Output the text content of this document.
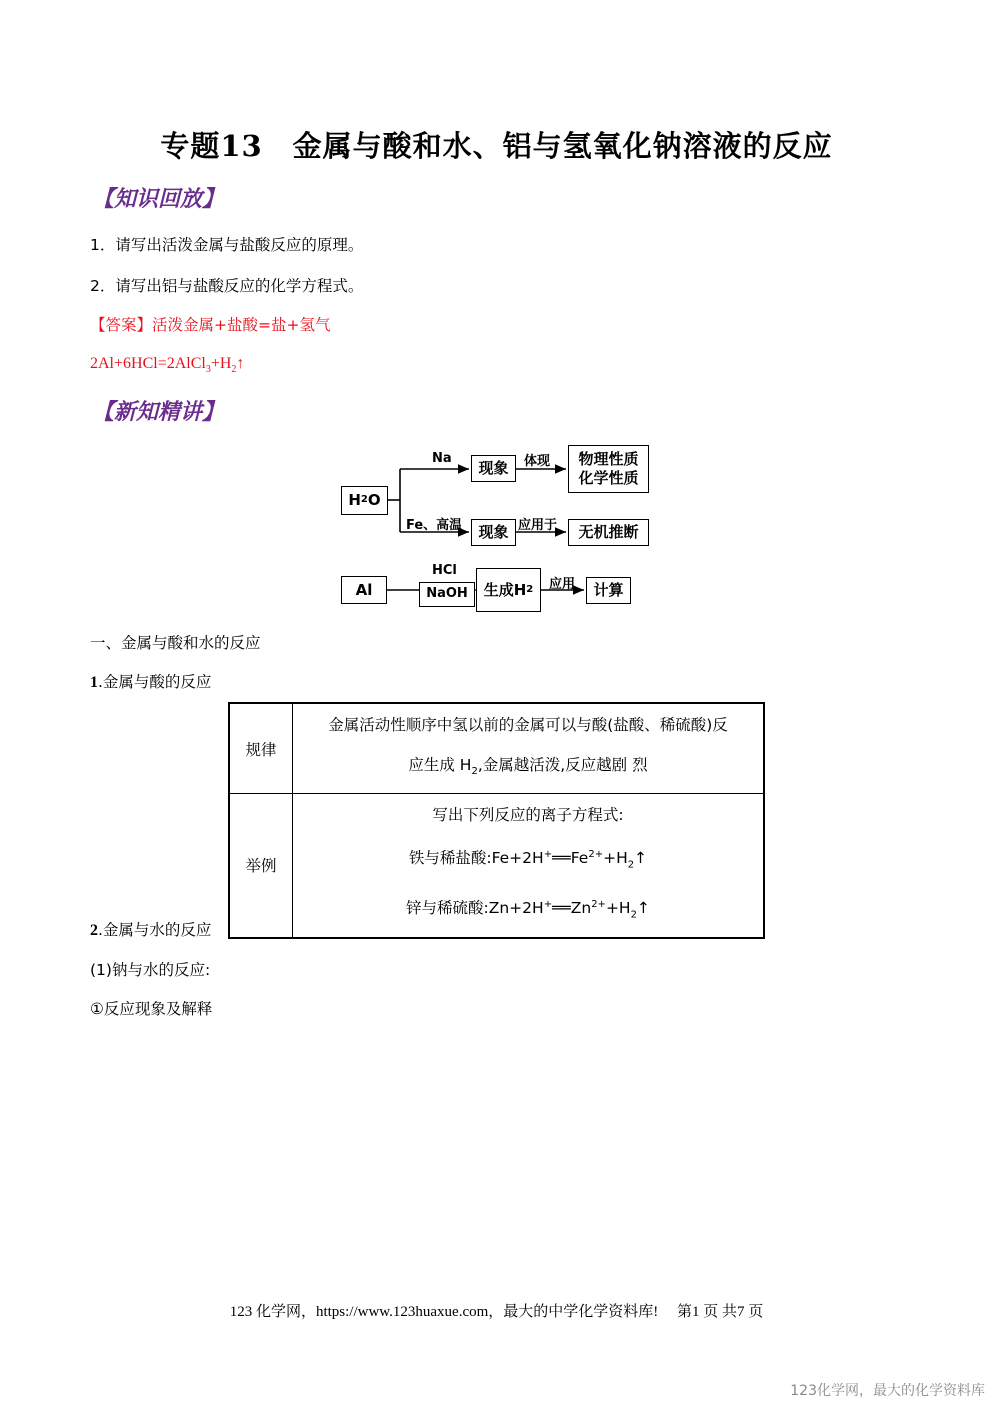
专题13　金属与酸和水、铝与氢氧化钠溶液的反应
【知识回放】
1．请写出活泼金属与盐酸反应的原理。
2．请写出铝与盐酸反应的化学方程式。
【答案】活泼金属+盐酸=盐+氢气
$2Al+6HCl=2AlCl_3+H_2↑$
【新知精讲】
H 2 O
Na
现象	体现 物理性质
化学性质
Fe、高温	现象 应用于	无机推断
Al
HCl
NaOH	生成H 2 应用	计算
一、金属与酸和水的反应
1.金属与酸的反应
规律	金属活动性顺序中氢以前的金属可以与酸(盐酸、稀硫酸)反
应生成 $H_2$,金属越活泼,反应越剧 烈

举例	写出下列反应的离子方程式:
铁与稀盐酸$:Fe+2H^+══Fe^{2+}+H_2↑$
锌与稀硫酸$:Zn+2H^+══Zn^{2+}+H_2↑$
2.金属与水的反应
(1)钠与水的反应:
①反应现象及解释
123 化学网，https://www.123huaxue.com，最大的中学化学资料库!　 第1 页 共7 页
123化学网，最大的化学资料库
